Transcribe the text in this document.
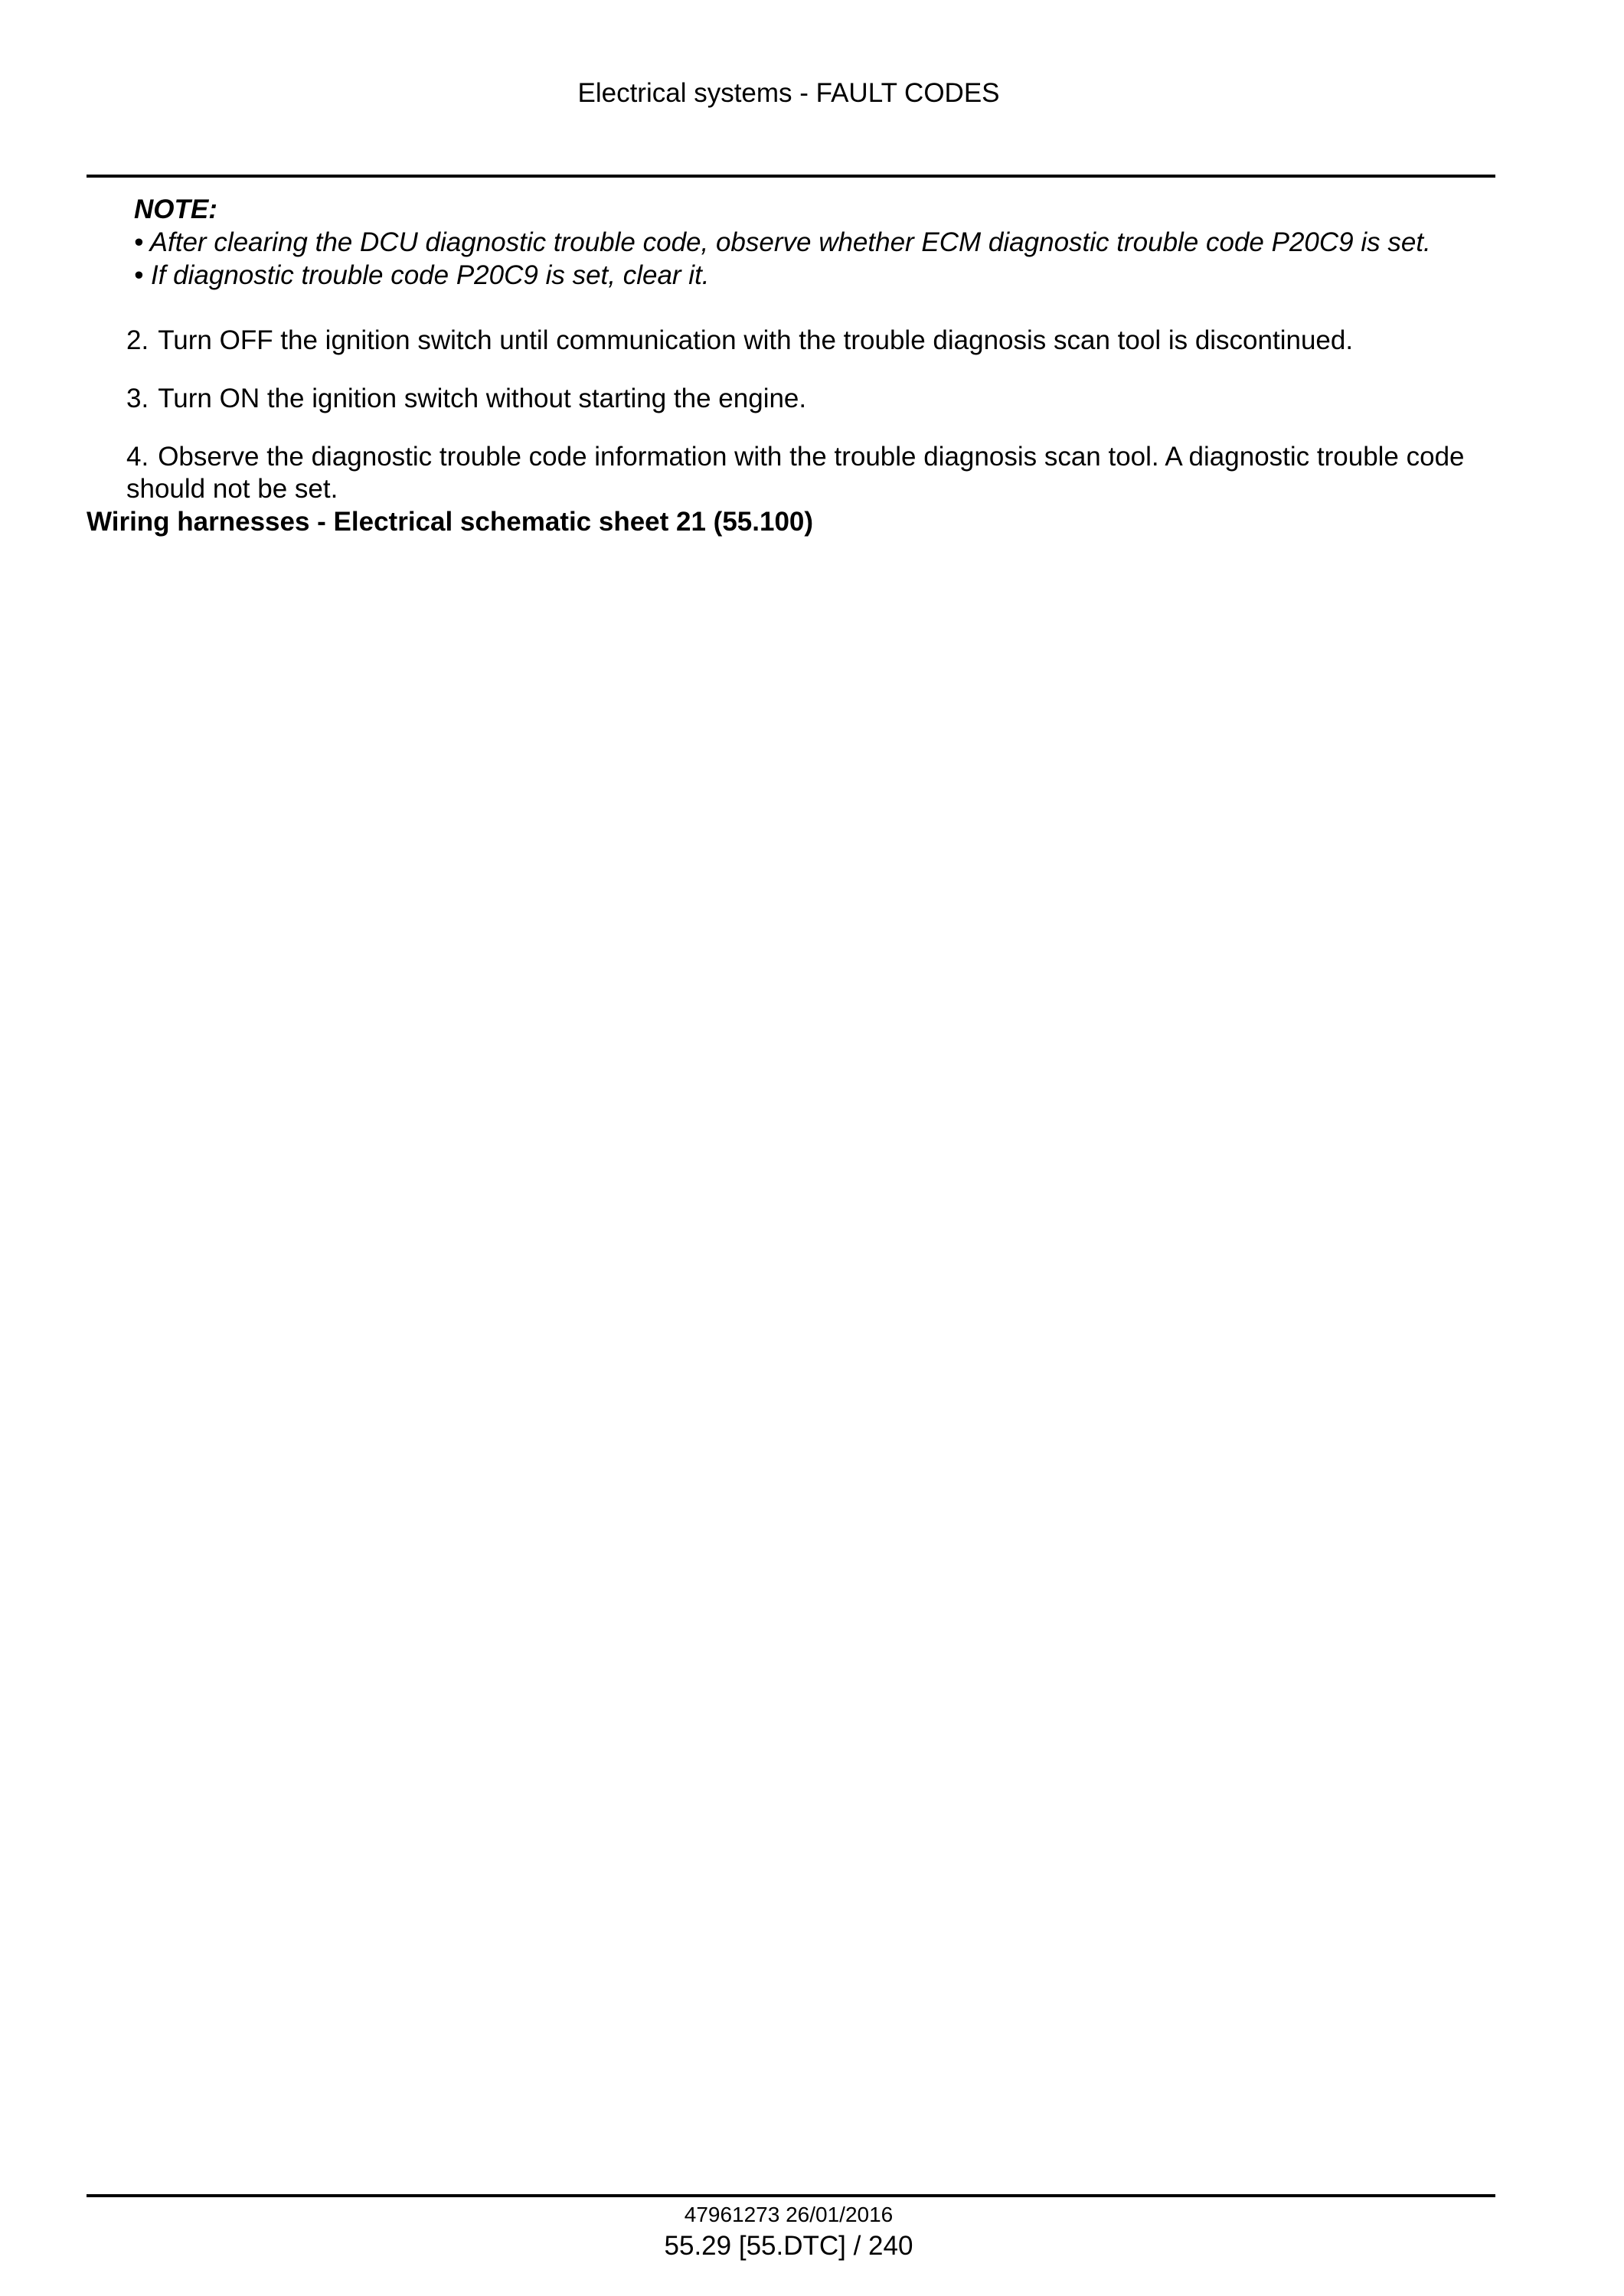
Electrical systems - FAULT CODES
NOTE:
• After clearing the DCU diagnostic trouble code, observe whether ECM diagnostic trouble code P20C9 is set.
• If diagnostic trouble code P20C9 is set, clear it.
2. Turn OFF the ignition switch until communication with the trouble diagnosis scan tool is discontinued.
3. Turn ON the ignition switch without starting the engine.
4. Observe the diagnostic trouble code information with the trouble diagnosis scan tool. A diagnostic trouble code should not be set.
Wiring harnesses - Electrical schematic sheet 21 (55.100)
47961273 26/01/2016
55.29 [55.DTC] / 240
